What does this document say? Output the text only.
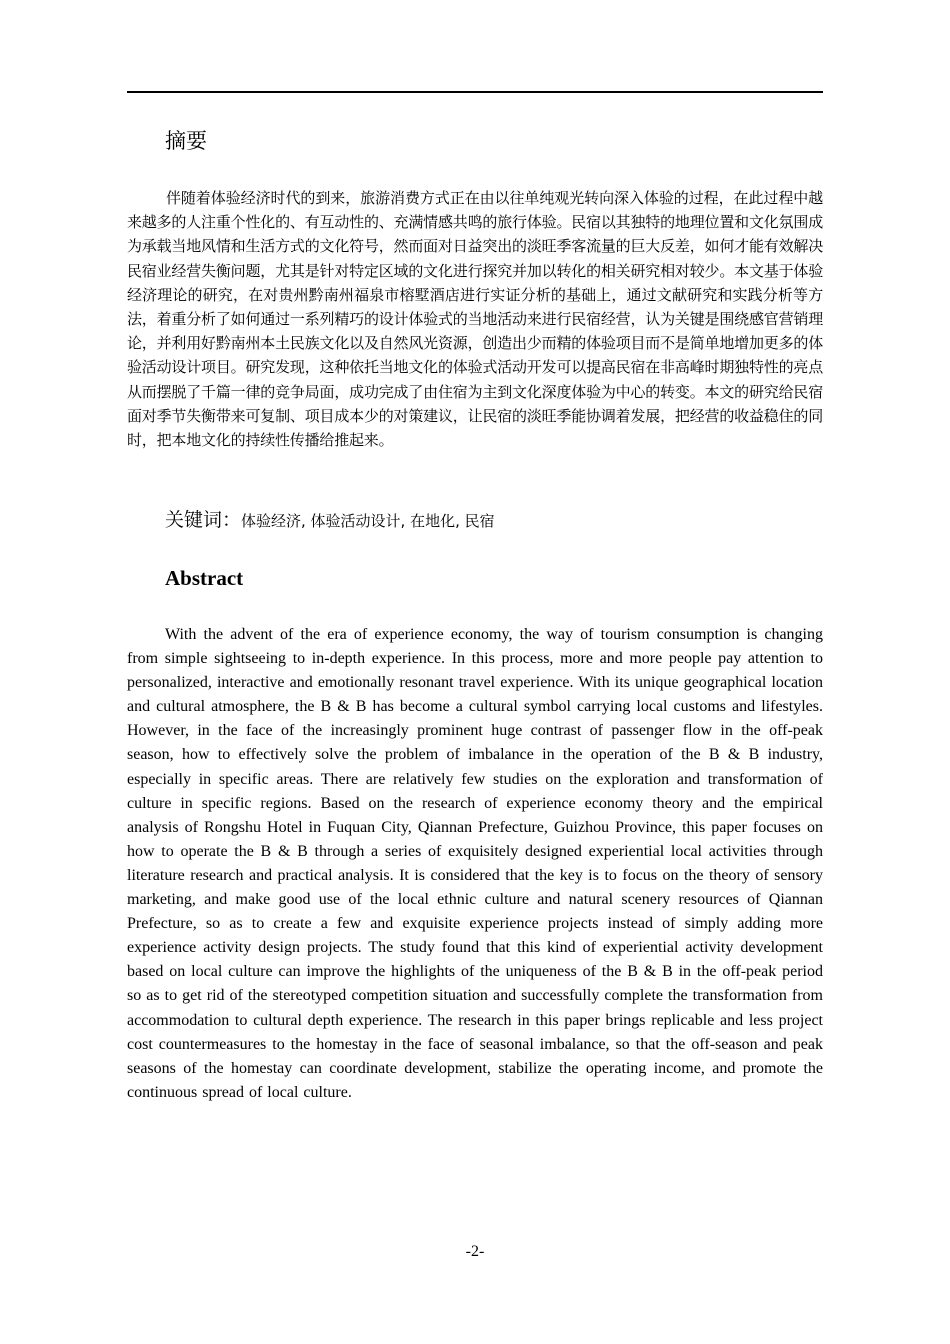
摘要

伴随着体验经济时代的到来，旅游消费方式正在由以往单纯观光转向深入体验的过程，在此过程中越来越多的人注重个性化的、有互动性的、充满情感共鸣的旅行体验。民宿以其独特的地理位置和文化氛围成为承载当地风情和生活方式的文化符号，然而面对日益突出的淡旺季客流量的巨大反差，如何才能有效解决民宿业经营失衡问题，尤其是针对特定区域的文化进行探究并加以转化的相关研究相对较少。本文基于体验经济理论的研究，在对贵州黔南州福泉市榕墅酒店进行实证分析的基础上，通过文献研究和实践分析等方法，着重分析了如何通过一系列精巧的设计体验式的当地活动来进行民宿经营，认为关键是围绕感官营销理论，并利用好黔南州本土民族文化以及自然风光资源，创造出少而精的体验项目而不是简单地增加更多的体验活动设计项目。研究发现，这种依托当地文化的体验式活动开发可以提高民宿在非高峰时期独特性的亮点从而摆脱了千篇一律的竞争局面，成功完成了由住宿为主到文化深度体验为中心的转变。本文的研究给民宿面对季节失衡带来可复制、项目成本少的对策建议，让民宿的淡旺季能协调着发展，把经营的收益稳住的同时，把本地文化的持续性传播给推起来。

关键词：体验经济, 体验活动设计, 在地化, 民宿

Abstract

With the advent of the era of experience economy, the way of tourism consumption is changing from simple sightseeing to in-depth experience. In this process, more and more people pay attention to personalized, interactive and emotionally resonant travel experience. With its unique geographical location and cultural atmosphere, the B & B has become a cultural symbol carrying local customs and lifestyles. However, in the face of the increasingly prominent huge contrast of passenger flow in the off-peak season, how to effectively solve the problem of imbalance in the operation of the B & B industry, especially in specific areas. There are relatively few studies on the exploration and transformation of culture in specific regions. Based on the research of experience economy theory and the empirical analysis of Rongshu Hotel in Fuquan City, Qiannan Prefecture, Guizhou Province, this paper focuses on how to operate the B & B through a series of exquisitely designed experiential local activities through literature research and practical analysis. It is considered that the key is to focus on the theory of sensory marketing, and make good use of the local ethnic culture and natural scenery resources of Qiannan Prefecture, so as to create a few and exquisite experience projects instead of simply adding more experience activity design projects. The study found that this kind of experiential activity development based on local culture can improve the highlights of the uniqueness of the B & B in the off-peak period so as to get rid of the stereotyped competition situation and successfully complete the transformation from accommodation to cultural depth experience. The research in this paper brings replicable and less project cost countermeasures to the homestay in the face of seasonal imbalance, so that the off-season and peak seasons of the homestay can coordinate development, stabilize the operating income, and promote the continuous spread of local culture.

-2-
